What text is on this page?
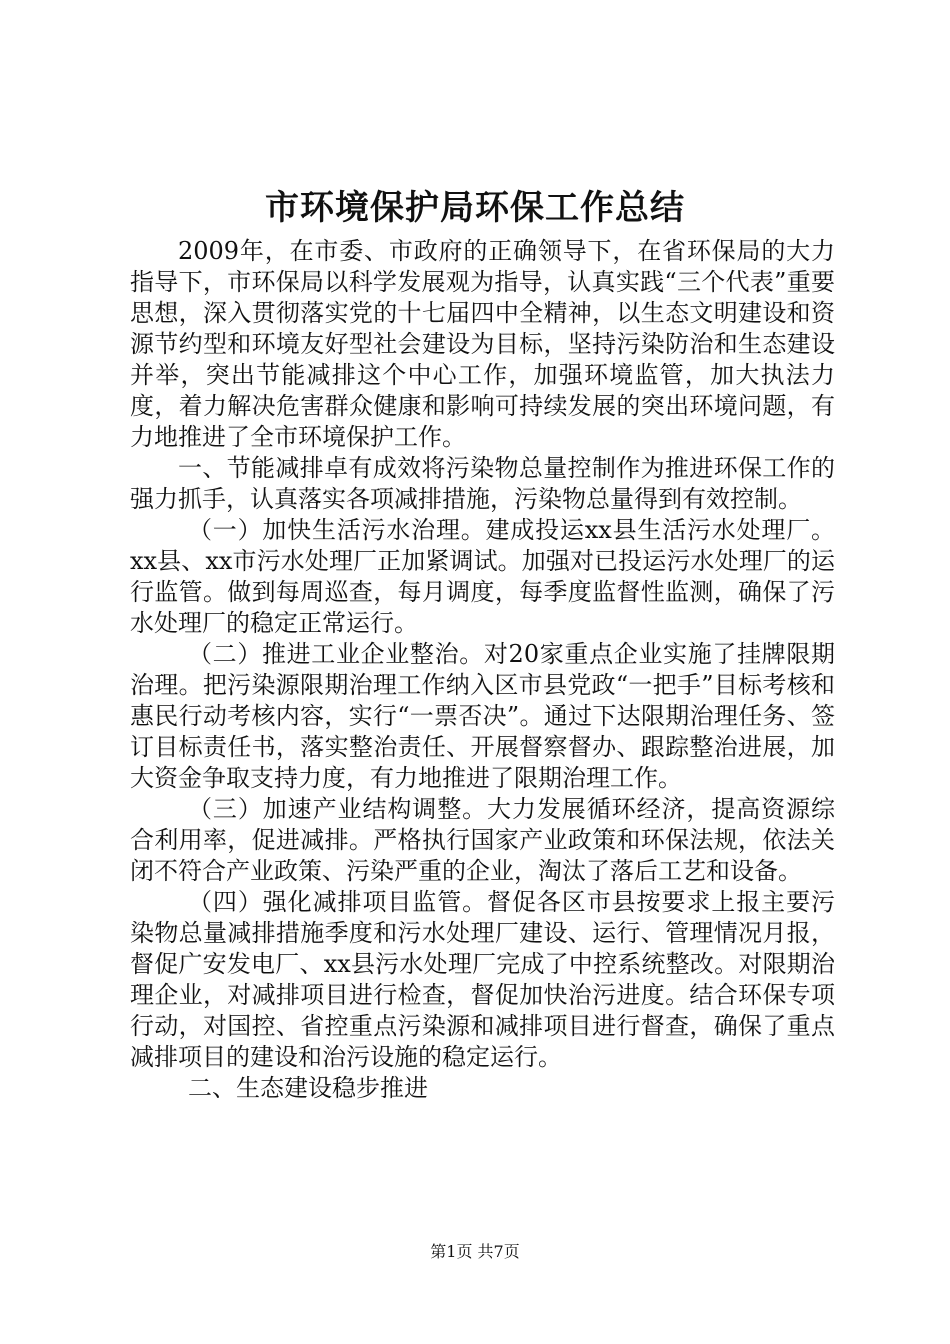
市环境保护局环保工作总结

2009年，在市委、市政府的正确领导下，在省环保局的大力指导下，市环保局以科学发展观为指导，认真实践“三个代表”重要思想，深入贯彻落实党的十七届四中全精神，以生态文明建设和资源节约型和环境友好型社会建设为目标，坚持污染防治和生态建设并举，突出节能减排这个中心工作，加强环境监管，加大执法力度，着力解决危害群众健康和影响可持续发展的突出环境问题，有力地推进了全市环境保护工作。

一、节能减排卓有成效将污染物总量控制作为推进环保工作的强力抓手，认真落实各项减排措施，污染物总量得到有效控制。

（一）加快生活污水治理。建成投运xx县生活污水处理厂。xx县、xx市污水处理厂正加紧调试。加强对已投运污水处理厂的运行监管。做到每周巡查，每月调度，每季度监督性监测，确保了污水处理厂的稳定正常运行。

（二）推进工业企业整治。对20家重点企业实施了挂牌限期治理。把污染源限期治理工作纳入区市县党政“一把手”目标考核和惠民行动考核内容，实行“一票否决”。通过下达限期治理任务、签订目标责任书，落实整治责任、开展督察督办、跟踪整治进展，加大资金争取支持力度，有力地推进了限期治理工作。

（三）加速产业结构调整。大力发展循环经济，提高资源综合利用率，促进减排。严格执行国家产业政策和环保法规，依法关闭不符合产业政策、污染严重的企业，淘汰了落后工艺和设备。

（四）强化减排项目监管。督促各区市县按要求上报主要污染物总量减排措施季度和污水处理厂建设、运行、管理情况月报，督促广安发电厂、xx县污水处理厂完成了中控系统整改。对限期治理企业，对减排项目进行检查，督促加快治污进度。结合环保专项行动，对国控、省控重点污染源和减排项目进行督查，确保了重点减排项目的建设和治污设施的稳定运行。

二、生态建设稳步推进

第1页 共7页
